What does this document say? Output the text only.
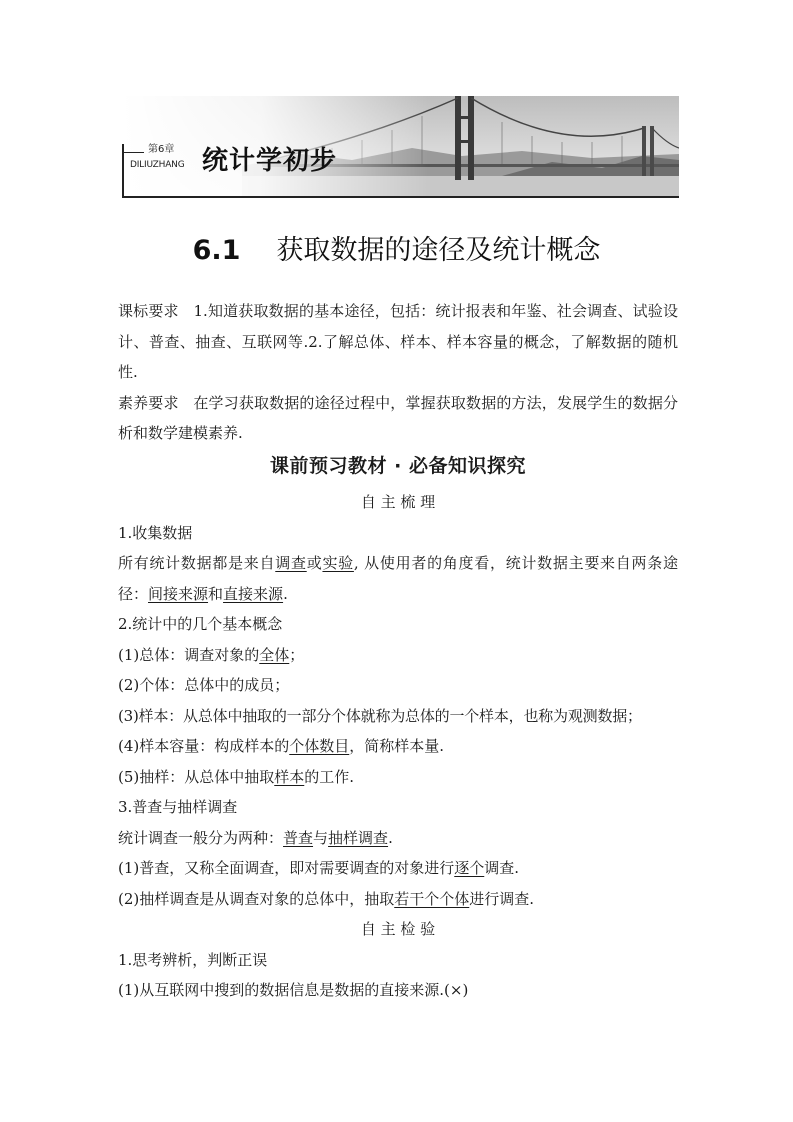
第6章
DILIUZHANG 统计学初步
6.1 获取数据的途径及统计概念

课标要求 1.知道获取数据的基本途径，包括：统计报表和年鉴、社会调查、试验设计、普查、抽查、互联网等.2.了解总体、样本、样本容量的概念，了解数据的随机性.

素养要求 在学习获取数据的途径过程中，掌握获取数据的方法，发展学生的数据分析和数学建模素养.

课前预习教材 · 必备知识探究

自 主 梳 理

1.收集数据

所有统计数据都是来自调查或实验, 从使用者的角度看，统计数据主要来自两条途径：间接来源和直接来源.

2.统计中的几个基本概念

(1)总体：调查对象的全体；

(2)个体：总体中的成员；

(3)样本：从总体中抽取的一部分个体就称为总体的一个样本，也称为观测数据；

(4)样本容量：构成样本的个体数目，简称样本量.

(5)抽样：从总体中抽取样本的工作.

3.普查与抽样调查

统计调查一般分为两种：普查与抽样调查.

(1)普查，又称全面调查，即对需要调查的对象进行逐个调查.

(2)抽样调查是从调查对象的总体中，抽取若干个个体进行调查.

自 主 检 验

1.思考辨析，判断正误

(1)从互联网中搜到的数据信息是数据的直接来源.(×)
